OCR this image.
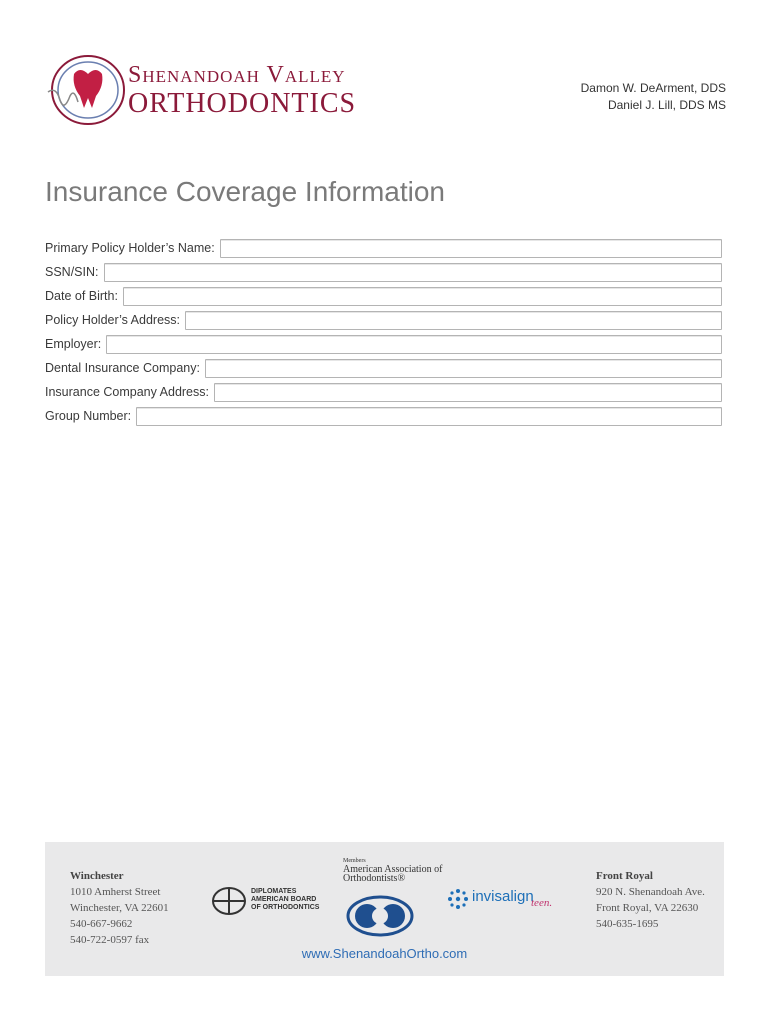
Shenandoah Valley
ORTHODONTICS	Damon W. DeArment, DDS
Daniel J. Lill, DDS MS
Insurance Coverage Information
Primary Policy Holder’s Name:
SSN/SIN:
Date of Birth:
Policy Holder’s Address:
Employer:
Dental Insurance Company:
Insurance Company Address:
Group Number:
Winchester
1010 Amherst Street
Winchester, VA 22601
540-667-9662
540-722-0597 fax
DIPLOMATES
AMERICAN BOARD
OF ORTHODONTICS
Members
American Association of
Orthodontists®
invisalign
teen.
Front Royal
920 N. Shenandoah Ave.
Front Royal, VA 22630
540-635-1695
www.ShenandoahOrtho.com
